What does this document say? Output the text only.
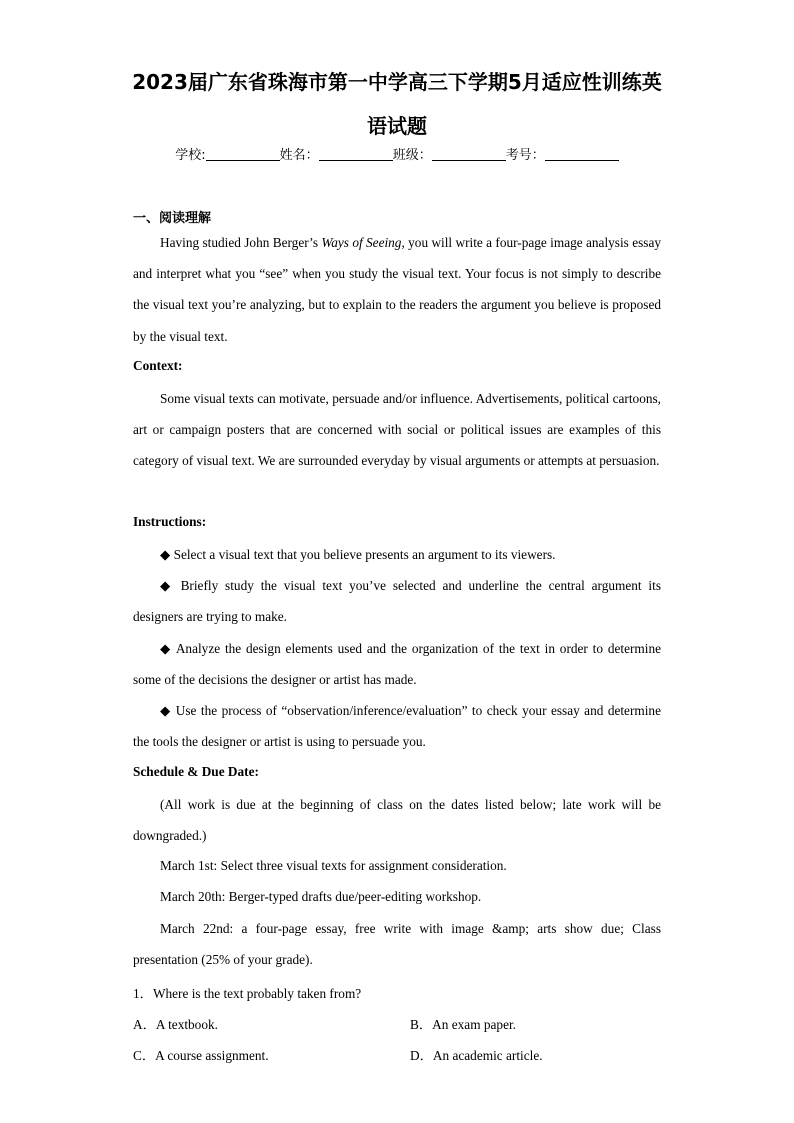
2023届广东省珠海市第一中学高三下学期5月适应性训练英
语试题
学校:	姓名：	班级：	考号：
一、阅读理解

Having studied John Berger’s Ways of Seeing, you will write a four-page image analysis essay and interpret what you “see” when you study the visual text. Your focus is not simply to describe the visual text you’re analyzing, but to explain to the readers the argument you believe is proposed by the visual text.

Context:

Some visual texts can motivate, persuade and/or influence. Advertisements, political cartoons, art or campaign posters that are concerned with social or political issues are examples of this category of visual text. We are surrounded everyday by visual arguments or attempts at persuasion.

Instructions:

◆ Select a visual text that you believe presents an argument to its viewers.

◆ Briefly study the visual text you’ve selected and underline the central argument its designers are trying to make.

◆ Analyze the design elements used and the organization of the text in order to determine some of the decisions the designer or artist has made.

◆ Use the process of “observation/inference/evaluation” to check your essay and determine the tools the designer or artist is using to persuade you.

Schedule & Due Date:

(All work is due at the beginning of class on the dates listed below; late work will be downgraded.)

March 1st: Select three visual texts for assignment consideration.
March 20th: Berger-typed drafts due/peer-editing workshop.

March 22nd: a four-page essay, free write with image &amp; arts show due; Class presentation (25% of your grade).

1．Where is the text probably taken from?
A．A textbook.	B．An exam paper.
C．A course assignment.	D．An academic article.
